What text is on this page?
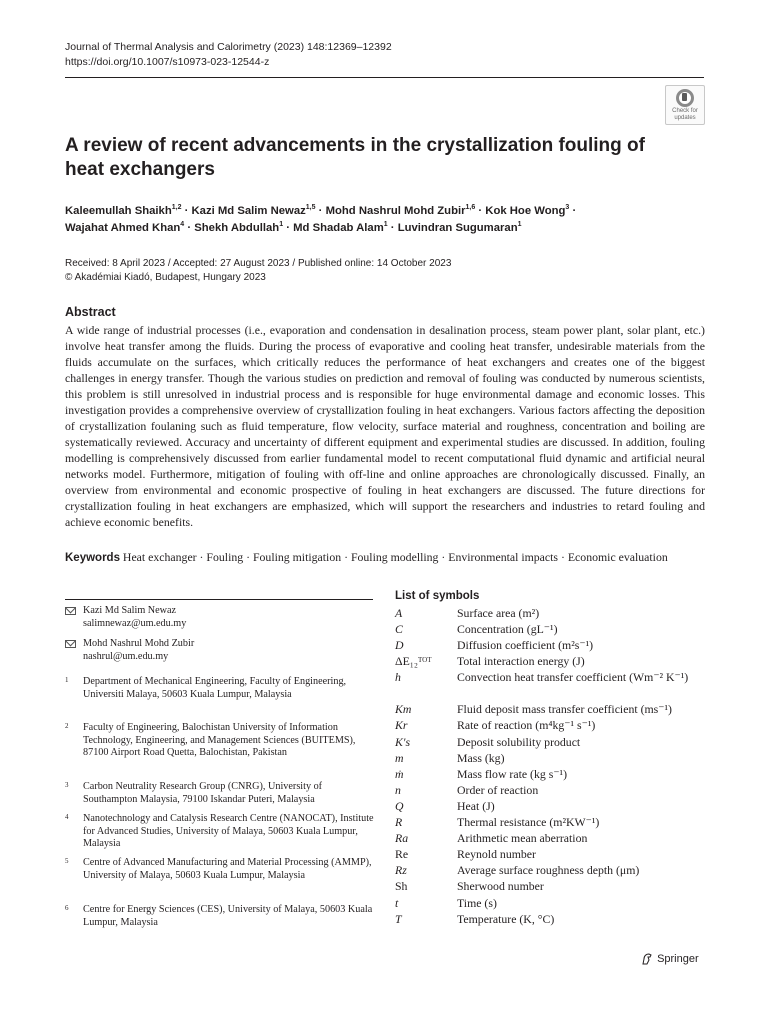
Journal of Thermal Analysis and Calorimetry (2023) 148:12369–12392
https://doi.org/10.1007/s10973-023-12544-z
Check for
updates
A review of recent advancements in the crystallization fouling of heat exchangers
Kaleemullah Shaikh$^{1,2}$ · Kazi Md Salim Newaz$^{1,5}$ · Mohd Nashrul Mohd Zubir$^{1,6}$ · Kok Hoe Wong$^3$ ·
Wajahat Ahmed Khan$^4$ · Shekh Abdullah$^1$ · Md Shadab Alam$^1$ · Luvindran Sugumaran$^1$
Received: 8 April 2023 / Accepted: 27 August 2023 / Published online: 14 October 2023
© Akadémiai Kiadó, Budapest, Hungary 2023
Abstract

A wide range of industrial processes (i.e., evaporation and condensation in desalination process, steam power plant, solar plant, etc.) involve heat transfer among the fluids. During the process of evaporative and cooling heat transfer, undesirable materials from the fluids accumulate on the surfaces, which critically reduces the performance of heat exchangers and creates one of the biggest challenges in energy transfer. Though the various studies on prediction and removal of fouling was conducted by numerous scientists, this problem is still unresolved in industrial process and is responsible for huge environmental damage and economic losses. This investigation provides a comprehensive overview of crystallization fouling in heat exchangers. Various factors affecting the deposition of crystallization foulaning such as fluid temperature, flow velocity, surface material and roughness, concentration and boiling are systematically reviewed. Accuracy and uncertainty of different equipment and experimental studies are discussed. In addition, fouling modelling is comprehensively discussed from earlier fundamental model to recent computational fluid dynamic and artificial neural networks model. Furthermore, mitigation of fouling with off-line and online approaches are chronologically discussed. Finally, an overview from environmental and economic prospective of fouling in heat exchangers are discussed. The future directions for crystallization fouling in heat exchangers are emphasized, which will support the researchers and industries to retard fouling and achieve economic benefits.

Keywords Heat exchanger · Fouling · Fouling mitigation · Fouling modelling · Environmental impacts · Economic evaluation
Kazi Md Salim Newaz
salimnewaz@um.edu.my
Mohd Nashrul Mohd Zubir
nashrul@um.edu.my
1 Department of Mechanical Engineering, Faculty of Engineering, Universiti Malaya, 50603 Kuala Lumpur, Malaysia
2 Faculty of Engineering, Balochistan University of Information Technology, Engineering, and Management Sciences (BUITEMS), 87100 Airport Road Quetta, Balochistan, Pakistan
3 Carbon Neutrality Research Group (CNRG), University of Southampton Malaysia, 79100 Iskandar Puteri, Malaysia
4 Nanotechnology and Catalysis Research Centre (NANOCAT), Institute for Advanced Studies, University of Malaya, 50603 Kuala Lumpur, Malaysia
5 Centre of Advanced Manufacturing and Material Processing (AMMP), University of Malaya, 50603 Kuala Lumpur, Malaysia
6 Centre for Energy Sciences (CES), University of Malaya, 50603 Kuala Lumpur, Malaysia
List of symbols
A	Surface area (m²)
C	Concentration (gL⁻¹)
D	Diffusion coefficient (m²s⁻¹)
ΔE₁₂ᵀᴼᵀ Total interaction energy (J)
h	Convection heat transfer coefficient (Wm⁻² K⁻¹)
Km	Fluid deposit mass transfer coefficient (ms⁻¹)
Kr	Rate of reaction (m⁴kg⁻¹ s⁻¹)
K′s	Deposit solubility product
m	Mass (kg)
ṁ	Mass flow rate (kg s⁻¹)
n	Order of reaction
Q	Heat (J)
R	Thermal resistance (m²KW⁻¹)
Ra	Arithmetic mean aberration
Re	Reynold number
Rz	Average surface roughness depth (μm)
Sh	Sherwood number
t	Time (s)
T	Temperature (K, °C)
Springer
